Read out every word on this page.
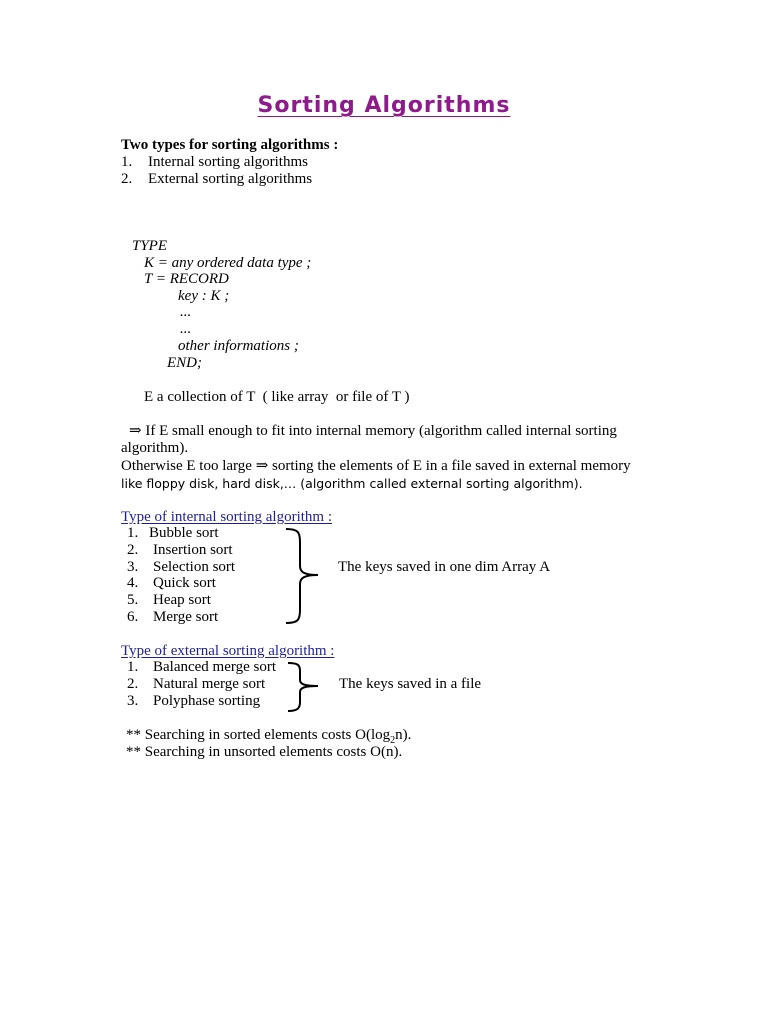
Sorting Algorithms
Two types for sorting algorithms :
1. Internal sorting algorithms
2. External sorting algorithms
TYPE
K = any ordered data type ;
T = RECORD
key : K ;
...
...
other informations ;
END;
E a collection of T  ( like array  or file of T )
⇒ If E small enough to fit into internal memory (algorithm called internal sorting
algorithm).
Otherwise E too large ⇒ sorting the elements of E in a file saved in external memory
like floppy disk, hard disk,… (algorithm called external sorting algorithm).
Type of internal sorting algorithm :
1. Bubble sort
2. Insertion sort
3. Selection sort
4. Quick sort
5. Heap sort
6. Merge sort
The keys saved in one dim Array A
Type of external sorting algorithm :
1. Balanced merge sort
2. Natural merge sort
3. Polyphase sorting
The keys saved in a file
** Searching in sorted elements costs $O(\log_2n)$.
** Searching in unsorted elements costs O(n).
